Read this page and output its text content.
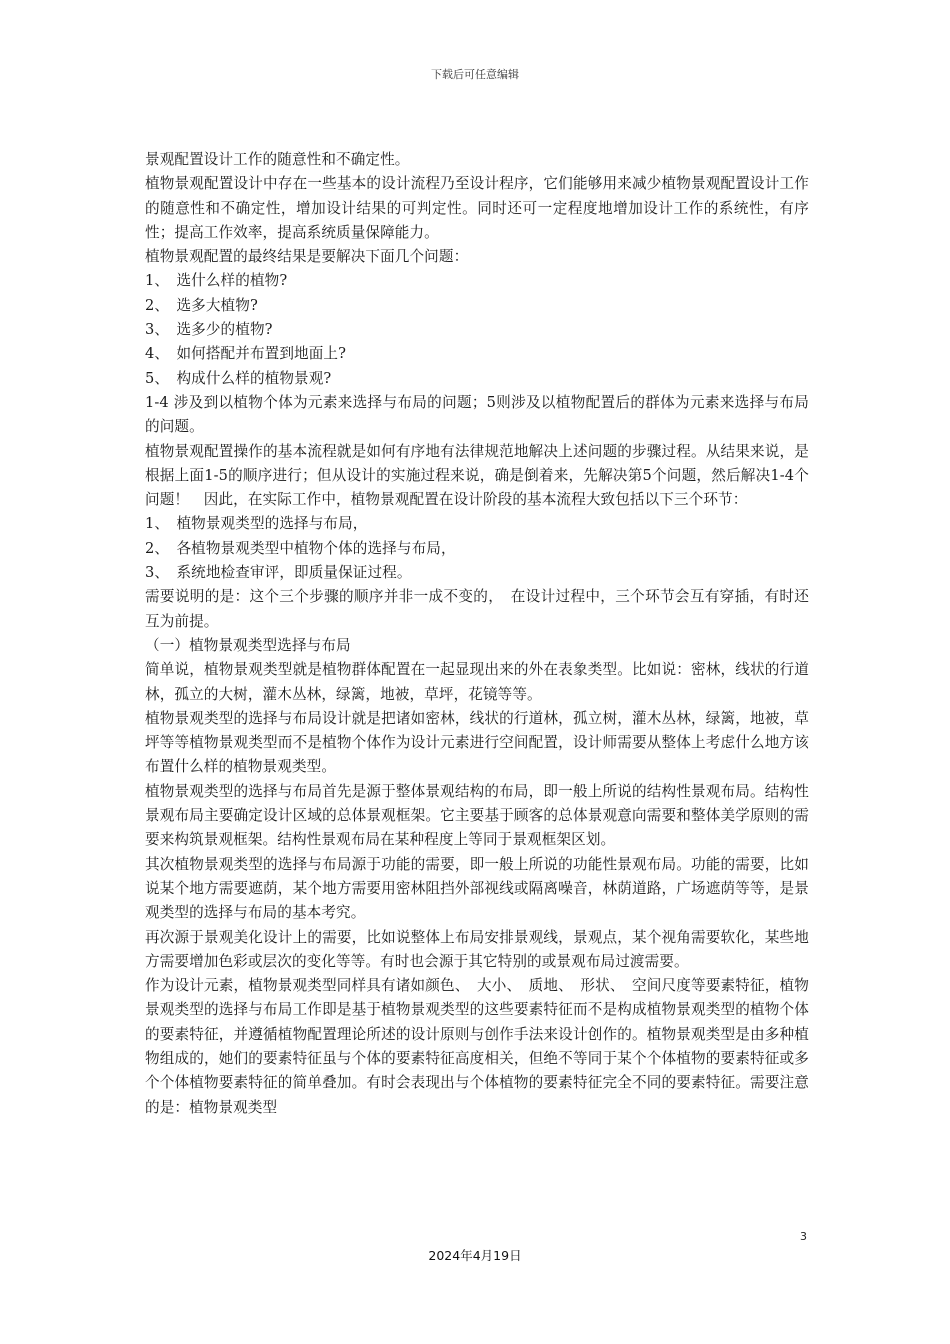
下载后可任意编辑

景观配置设计工作的随意性和不确定性。

植物景观配置设计中存在一些基本的设计流程乃至设计程序，它们能够用来减少植物景观配置设计工作的随意性和不确定性，增加设计结果的可判定性。同时还可一定程度地增加设计工作的系统性，有序性；提高工作效率，提高系统质量保障能力。

植物景观配置的最终结果是要解决下面几个问题：

1、　选什么样的植物?

2、　选多大植物?

3、　选多少的植物?

4、　如何搭配并布置到地面上?

5、　构成什么样的植物景观?

1-4 涉及到以植物个体为元素来选择与布局的问题；5则涉及以植物配置后的群体为元素来选择与布局的问题。

植物景观配置操作的基本流程就是如何有序地有法律规范地解决上述问题的步骤过程。从结果来说，是根据上面1-5的顺序进行；但从设计的实施过程来说，确是倒着来，先解决第5个问题，然后解决1-4个问题！　因此，在实际工作中，植物景观配置在设计阶段的基本流程大致包括以下三个环节：

1、　植物景观类型的选择与布局，

2、　各植物景观类型中植物个体的选择与布局，

3、　系统地检查审评，即质量保证过程。

需要说明的是：这个三个步骤的顺序并非一成不变的，　在设计过程中，三个环节会互有穿插，有时还互为前提。

（一）植物景观类型选择与布局

简单说，植物景观类型就是植物群体配置在一起显现出来的外在表象类型。比如说：密林，线状的行道林，孤立的大树，灌木丛林，绿篱，地被，草坪，花镜等等。

植物景观类型的选择与布局设计就是把诸如密林，线状的行道林，孤立树，灌木丛林，绿篱，地被，草坪等等植物景观类型而不是植物个体作为设计元素进行空间配置，设计师需要从整体上考虑什么地方该布置什么样的植物景观类型。

植物景观类型的选择与布局首先是源于整体景观结构的布局，即一般上所说的结构性景观布局。结构性景观布局主要确定设计区域的总体景观框架。它主要基于顾客的总体景观意向需要和整体美学原则的需要来构筑景观框架。结构性景观布局在某种程度上等同于景观框架区划。

其次植物景观类型的选择与布局源于功能的需要，即一般上所说的功能性景观布局。功能的需要，比如说某个地方需要遮荫，某个地方需要用密林阻挡外部视线或隔离噪音，林荫道路，广场遮荫等等，是景观类型的选择与布局的基本考究。

再次源于景观美化设计上的需要，比如说整体上布局安排景观线，景观点，某个视角需要软化，某些地方需要增加色彩或层次的变化等等。有时也会源于其它特别的或景观布局过渡需要。

作为设计元素，植物景观类型同样具有诸如颜色、　大小、　质地、　形状、　空间尺度等要素特征，植物景观类型的选择与布局工作即是基于植物景观类型的这些要素特征而不是构成植物景观类型的植物个体的要素特征，并遵循植物配置理论所述的设计原则与创作手法来设计创作的。植物景观类型是由多种植物组成的，她们的要素特征虽与个体的要素特征高度相关，但绝不等同于某个个体植物的要素特征或多个个体植物要素特征的简单叠加。有时会表现出与个体植物的要素特征完全不同的要素特征。需要注意的是：植物景观类型

3
2024年4月19日
